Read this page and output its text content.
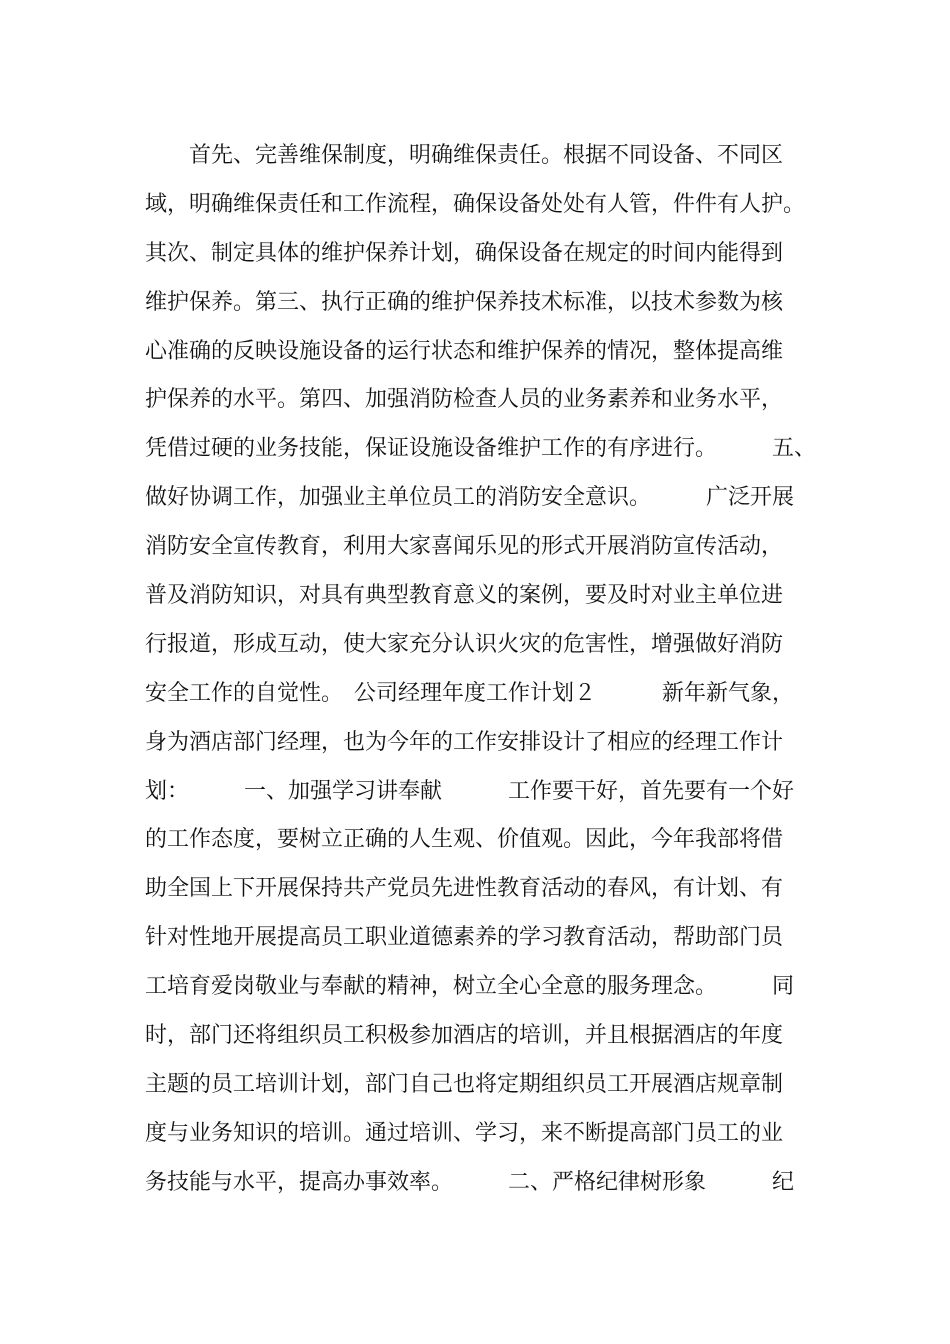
　　首先、完善维保制度，明确维保责任。根据不同设备、不同区
域，明确维保责任和工作流程，确保设备处处有人管，件件有人护。
其次、制定具体的维护保养计划，确保设备在规定的时间内能得到
维护保养。第三、执行正确的维护保养技术标准，以技术参数为核
心准确的反映设施设备的运行状态和维护保养的情况，整体提高维
护保养的水平。第四、加强消防检查人员的业务素养和业务水平，
凭借过硬的业务技能，保证设施设备维护工作的有序进行。　　　五、
做好协调工作，加强业主单位员工的消防安全意识。　　　广泛开展
消防安全宣传教育，利用大家喜闻乐见的形式开展消防宣传活动，
普及消防知识，对具有典型教育意义的案例，要及时对业主单位进
行报道，形成互动，使大家充分认识火灾的危害性，增强做好消防
安全工作的自觉性。　公司经理年度工作计划２　　　新年新气象，
身为酒店部门经理，也为今年的工作安排设计了相应的经理工作计
划：　　　一、加强学习讲奉献　　　工作要干好，首先要有一个好
的工作态度，要树立正确的人生观、价值观。因此，今年我部将借
助全国上下开展保持共产党员先进性教育活动的春风，有计划、有
针对性地开展提高员工职业道德素养的学习教育活动，帮助部门员
工培育爱岗敬业与奉献的精神，树立全心全意的服务理念。　　　同
时，部门还将组织员工积极参加酒店的培训，并且根据酒店的年度
主题的员工培训计划，部门自己也将定期组织员工开展酒店规章制
度与业务知识的培训。通过培训、学习，来不断提高部门员工的业
务技能与水平，提高办事效率。　　　二、严格纪律树形象　　　纪
